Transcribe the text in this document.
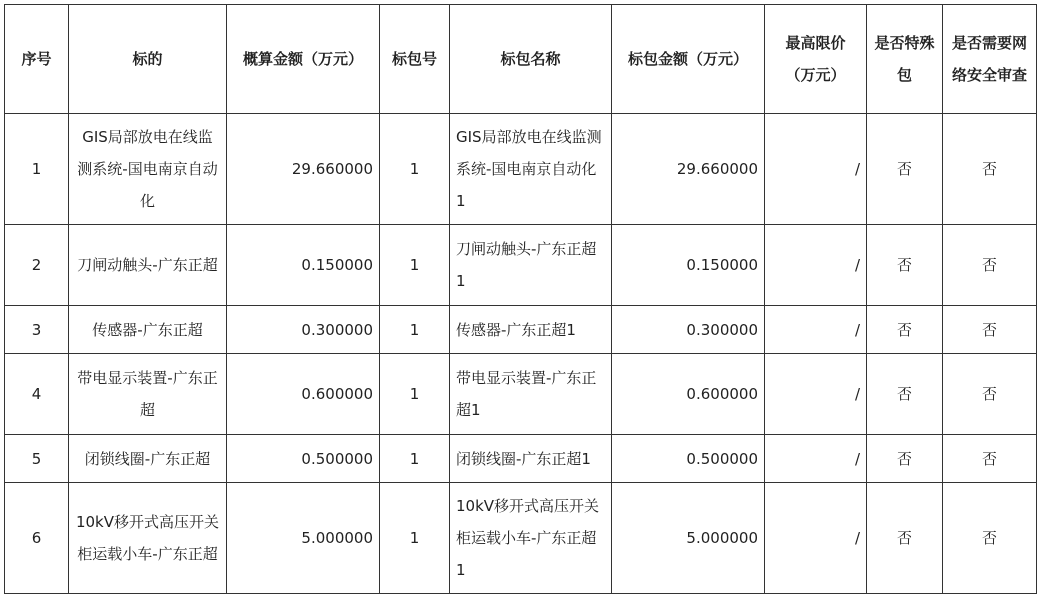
序号	标的	概算金额（万元）	标包号	标包名称	标包金额（万元）	最高限价（万元）	是否特殊包	是否需要网络安全审查
1	GIS局部放电在线监测系统-国电南京自动化	29.660000	1	GIS局部放电在线监测系统-国电南京自动化1	29.660000	/	否	否
2	刀闸动触头-广东正超	0.150000	1	刀闸动触头-广东正超1	0.150000	/	否	否
3	传感器-广东正超	0.300000	1	传感器-广东正超1	0.300000	/	否	否
4	带电显示装置-广东正超	0.600000	1	带电显示装置-广东正超1	0.600000	/	否	否
5	闭锁线圈-广东正超	0.500000	1	闭锁线圈-广东正超1	0.500000	/	否	否
6	10kV移开式高压开关柜运载小车-广东正超	5.000000	1	10kV移开式高压开关柜运载小车-广东正超1	5.000000	/	否	否
